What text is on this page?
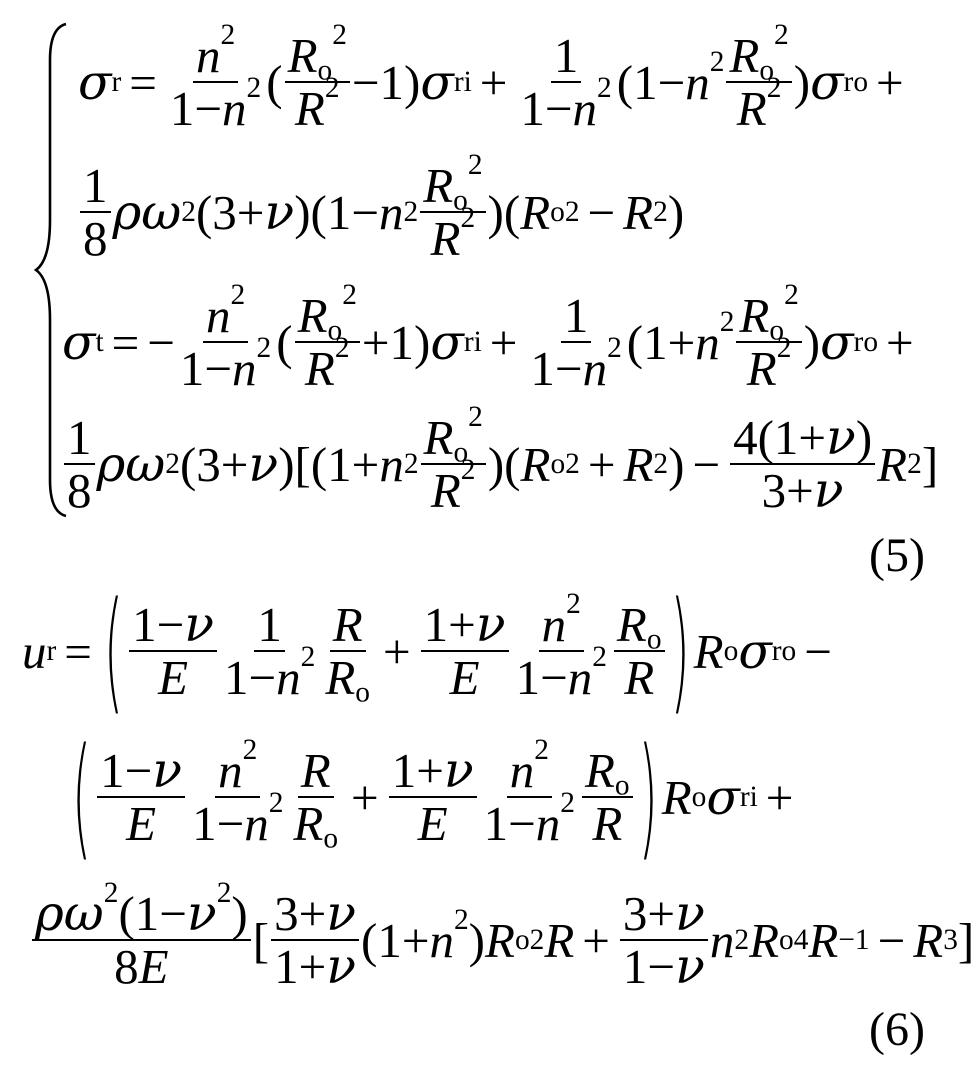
σ $r = \frac{n^2}{1-n^2}$ ( $\frac{R_o^2}{R^2} -1$) σ ri + $\frac{1}{1-n^2} (1-n^2 \frac{R_o^2}{R^2}$ ) σ ro +
$\frac{1}{8}$ ρω 2 (3+ ν )(1− n $2 \frac{R_o^2}{R^2}$ )( R o 2 − R 2 )
σ t = − $\frac{n^2}{1-n^2}$ ( $\frac{R_o^2}{R^2} +1$) σ ri + $\frac{1}{1-n^2} (1+n^2 \frac{R_o^2}{R^2}$ ) σ ro +
$\frac{1}{8}$ ρω 2 (3+ ν )[(1+ n $2 \frac{R_o^2}{R^2}$ )( R o 2 + R 2 ) − $\frac{4(1+\nu)}{3+\nu}$ R 2 ]
(5)
u r = ( $\frac{1-\nu}{E} \frac{1}{1-n^2} \frac{R}{R_o} + \frac{1+\nu}{E} \frac{n^2}{1-n^2} \frac{R_o}{R}$ ) R o σ ro −
( $\frac{1-\nu}{E} \frac{n^2}{1-n^2} \frac{R}{R_o} + \frac{1+\nu}{E} \frac{n^2}{1-n^2} \frac{R_o}{R}$ ) R o σ ri +
$\frac{\rho\omega^2(1-\nu^2)}{8E}$ [ $\frac{3+\nu}{1+\nu} (1+n^2)$ R o 2 $R + \frac{3+\nu}{1-\nu}$ n 2 R o 4 R −1 − R 3 ]
(6)
